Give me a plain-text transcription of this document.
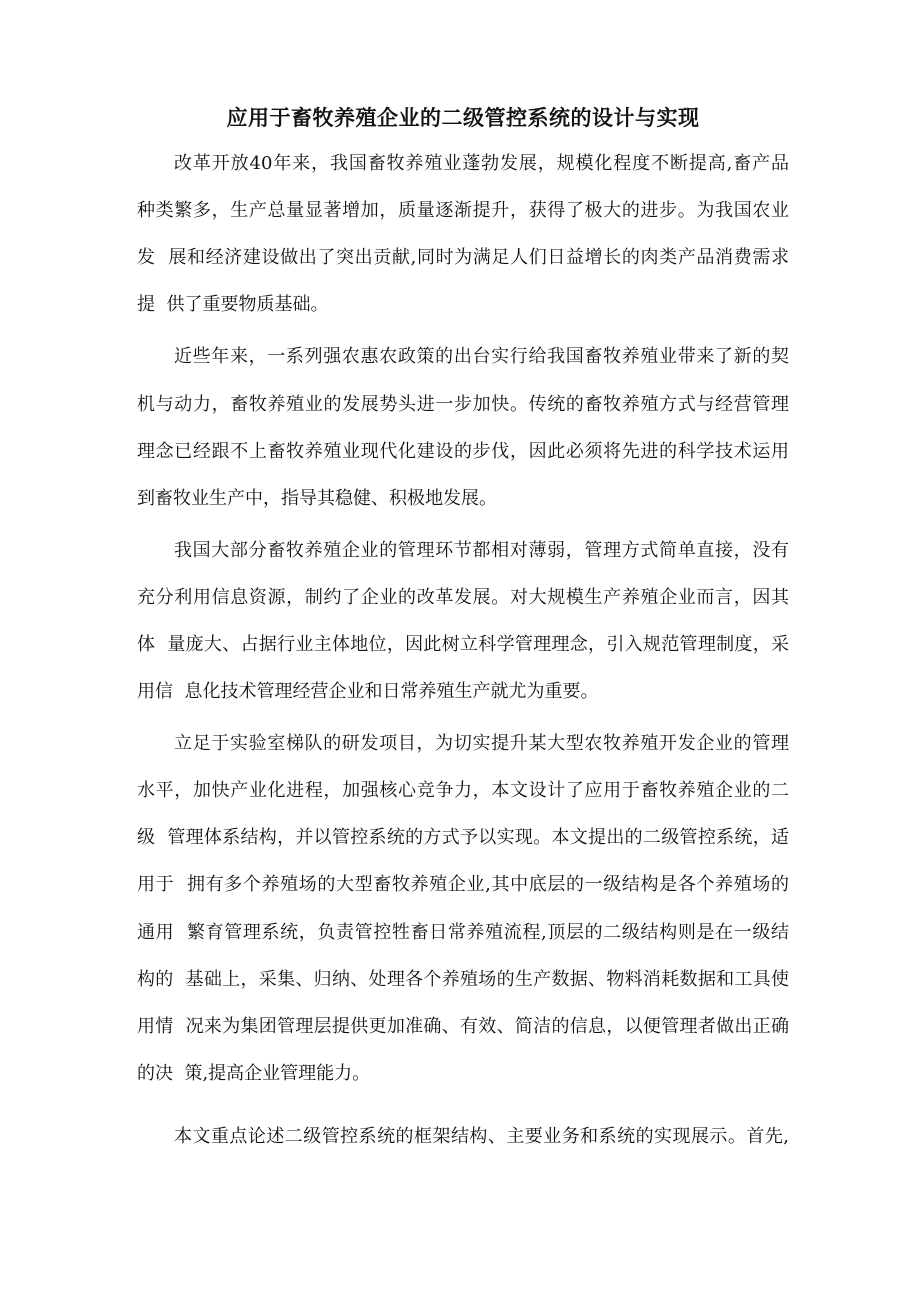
应用于畜牧养殖企业的二级管控系统的设计与实现
改革开放40年来，我国畜牧养殖业蓬勃发展，规模化程度不断提高,畜产品
种类繁多，生产总量显著增加，质量逐渐提升，获得了极大的进步。为我国农业
发  展和经济建设做出了突出贡献,同时为满足人们日益增长的肉类产品消费需求
提  供了重要物质基础。
近些年来，一系列强农惠农政策的出台实行给我国畜牧养殖业带来了新的契
机与动力，畜牧养殖业的发展势头进一步加快。传统的畜牧养殖方式与经营管理
理念已经跟不上畜牧养殖业现代化建设的步伐，因此必须将先进的科学技术运用
到畜牧业生产中，指导其稳健、积极地发展。
我国大部分畜牧养殖企业的管理环节都相对薄弱，管理方式简单直接，没有
充分利用信息资源，制约了企业的改革发展。对大规模生产养殖企业而言，因其
体  量庞大、占据行业主体地位，因此树立科学管理理念，引入规范管理制度，采
用信  息化技术管理经营企业和日常养殖生产就尤为重要。
立足于实验室梯队的研发项目，为切实提升某大型农牧养殖开发企业的管理
水平，加快产业化进程，加强核心竞争力，本文设计了应用于畜牧养殖企业的二
级  管理体系结构，并以管控系统的方式予以实现。本文提出的二级管控系统，适
用于  拥有多个养殖场的大型畜牧养殖企业,其中底层的一级结构是各个养殖场的
通用  繁育管理系统，负责管控牲畜日常养殖流程,顶层的二级结构则是在一级结
构的  基础上，采集、归纳、处理各个养殖场的生产数据、物料消耗数据和工具使
用情  况来为集团管理层提供更加准确、有效、简洁的信息，以便管理者做出正确
的决  策,提高企业管理能力。
本文重点论述二级管控系统的框架结构、主要业务和系统的实现展示。首先,
